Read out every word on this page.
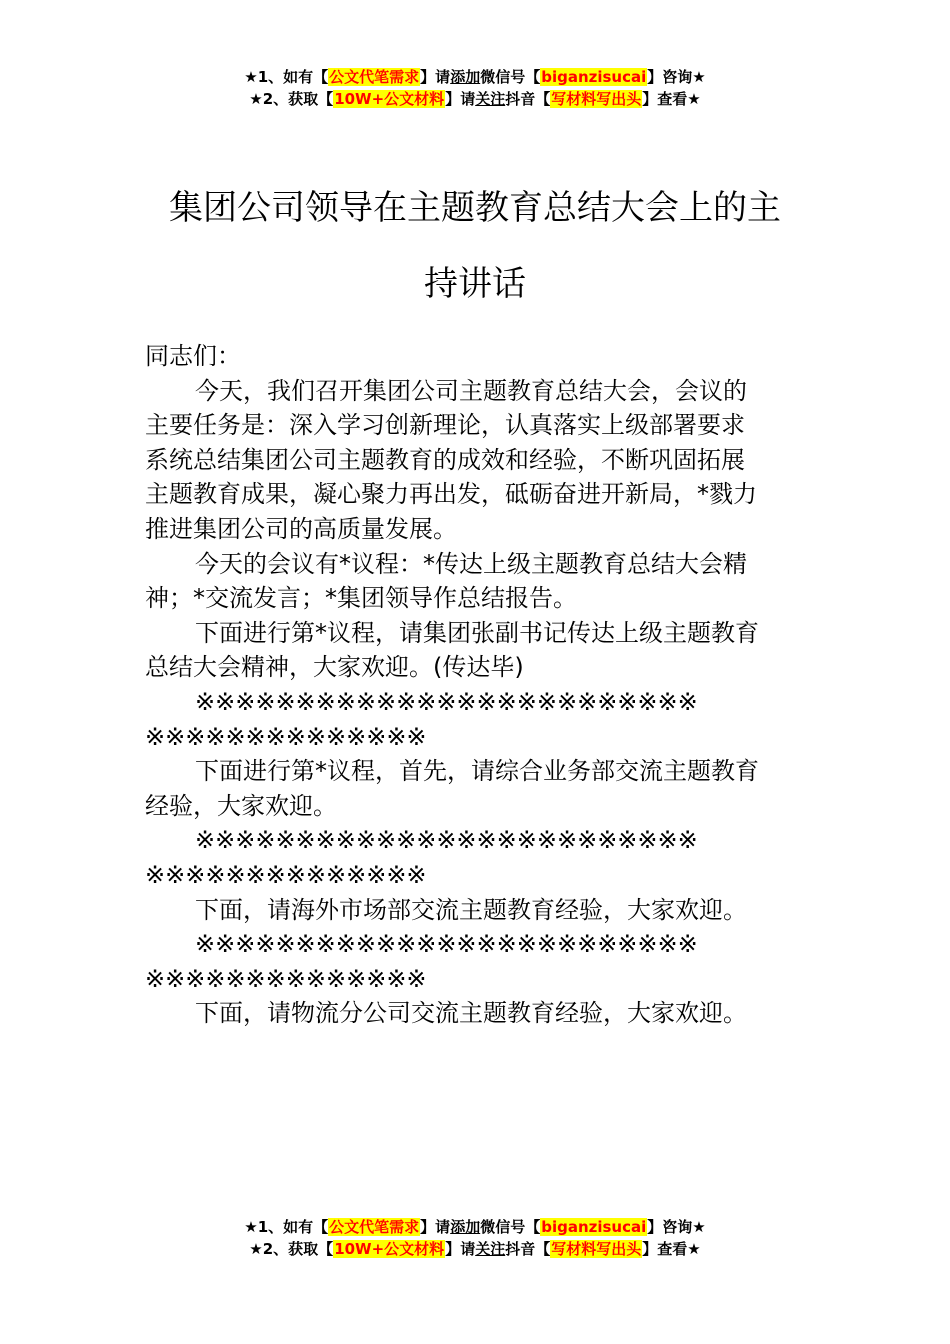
★1、如有【公文代笔需求】请添加微信号【biganzisucai】咨询★
★2、获取【10W+公文材料】请关注抖音【写材料写出头】查看★
集团公司领导在主题教育总结大会上的主
持讲话

同志们：

今天，我们召开集团公司主题教育总结大会，会议的
主要任务是：深入学习创新理论，认真落实上级部署要求
系统总结集团公司主题教育的成效和经验，不断巩固拓展
主题教育成果，凝心聚力再出发，砥砺奋进开新局，*戮力
推进集团公司的高质量发展。

今天的会议有*议程：*传达上级主题教育总结大会精
神；*交流发言；*集团领导作总结报告。

下面进行第*议程，请集团张副书记传达上级主题教育
总结大会精神，大家欢迎。(传达毕)

※※※※※※※※※※※※※※※※※※※※※※※※※
※※※※※※※※※※※※※※

下面进行第*议程，首先，请综合业务部交流主题教育
经验，大家欢迎。

※※※※※※※※※※※※※※※※※※※※※※※※※
※※※※※※※※※※※※※※

下面，请海外市场部交流主题教育经验，大家欢迎。

※※※※※※※※※※※※※※※※※※※※※※※※※
※※※※※※※※※※※※※※

下面，请物流分公司交流主题教育经验，大家欢迎。

★1、如有【公文代笔需求】请添加微信号【biganzisucai】咨询★
★2、获取【10W+公文材料】请关注抖音【写材料写出头】查看★
